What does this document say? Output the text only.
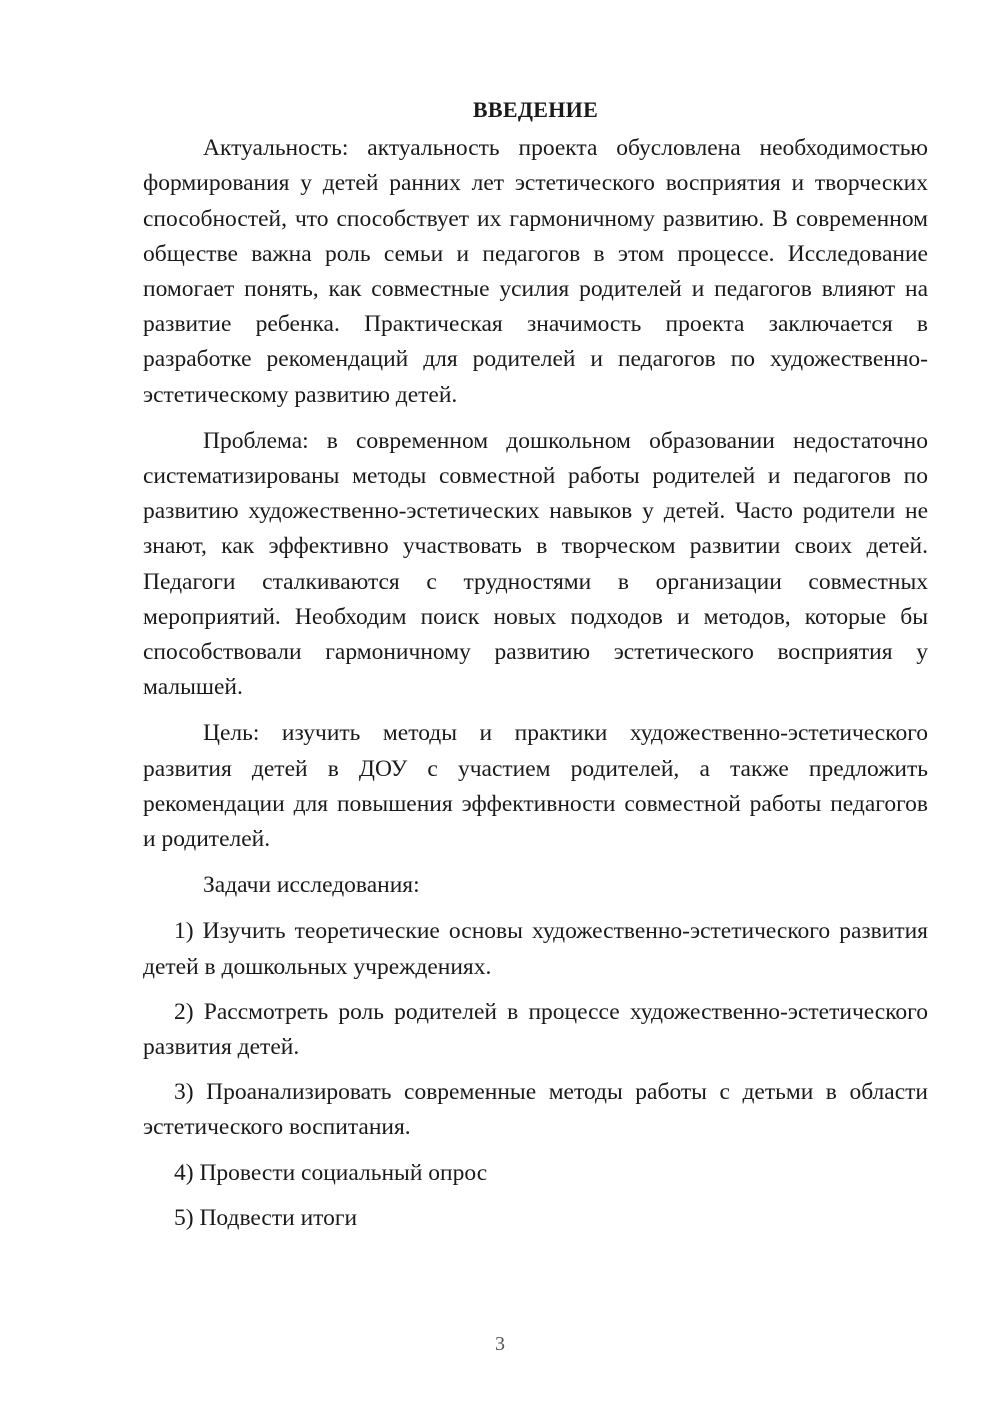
ВВЕДЕНИЕ

Актуальность: актуальность проекта обусловлена необходимостью формирования у детей ранних лет эстетического восприятия и творческих способностей, что способствует их гармоничному развитию. В современном обществе важна роль семьи и педагогов в этом процессе. Исследование помогает понять, как совместные усилия родителей и педагогов влияют на развитие ребенка. Практическая значимость проекта заключается в разработке рекомендаций для родителей и педагогов по художественно-эстетическому развитию детей.

Проблема: в современном дошкольном образовании недостаточно систематизированы методы совместной работы родителей и педагогов по развитию художественно-эстетических навыков у детей. Часто родители не знают, как эффективно участвовать в творческом развитии своих детей. Педагоги сталкиваются с трудностями в организации совместных мероприятий. Необходим поиск новых подходов и методов, которые бы способствовали гармоничному развитию эстетического восприятия у малышей.

Цель: изучить методы и практики художественно-эстетического развития детей в ДОУ с участием родителей, а также предложить рекомендации для повышения эффективности совместной работы педагогов и родителей.

Задачи исследования:

1) Изучить теоретические основы художественно-эстетического развития детей в дошкольных учреждениях.

2) Рассмотреть роль родителей в процессе художественно-эстетического развития детей.

3) Проанализировать современные методы работы с детьми в области эстетического воспитания.

4) Провести социальный опрос

5) Подвести итоги

3
